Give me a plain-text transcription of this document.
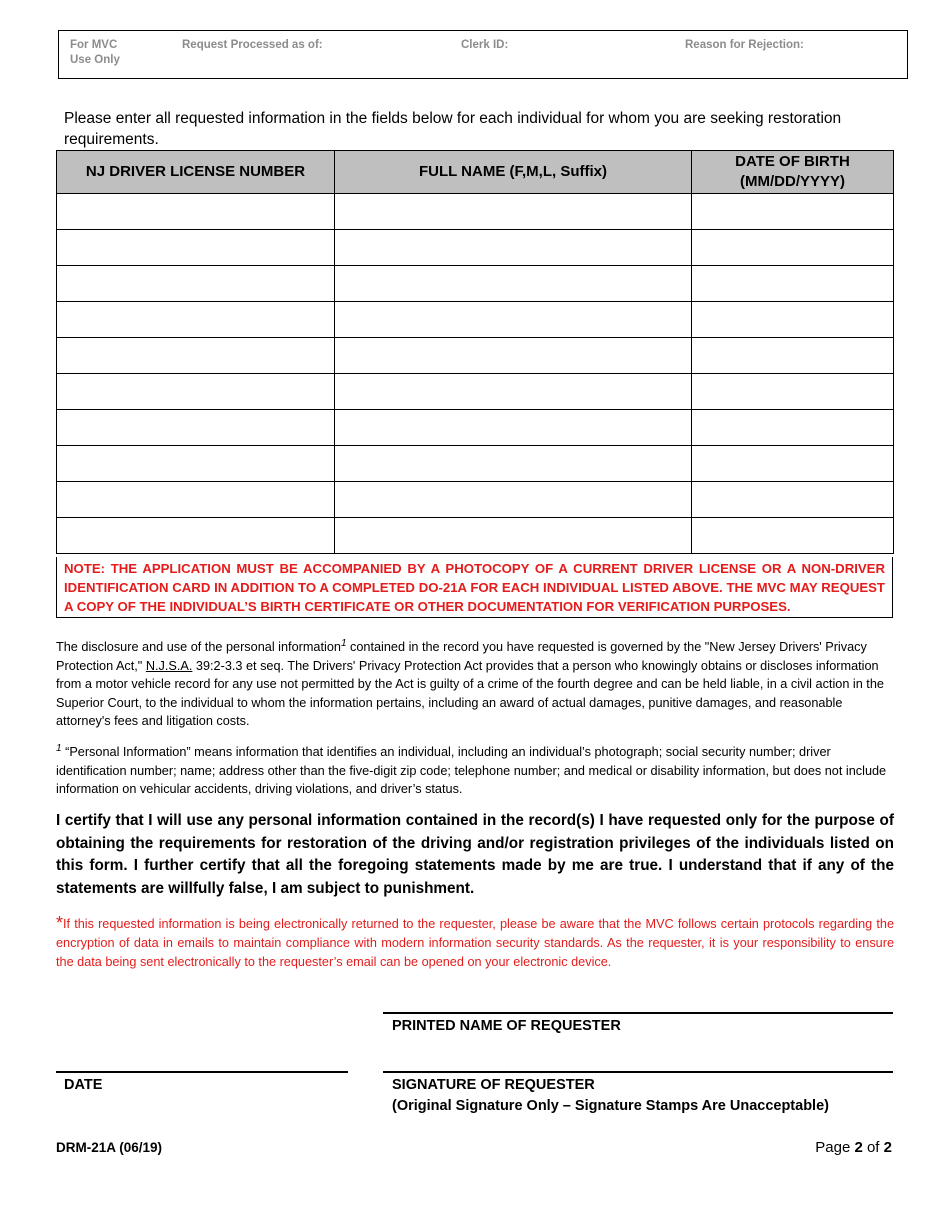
For MVC
Use Only
Request Processed as of:	Clerk ID:	Reason for Rejection:
Please enter all requested information in the fields below for each individual for whom you are seeking restoration requirements.
NJ DRIVER LICENSE NUMBER	FULL NAME (F,M,L, Suffix)	DATE OF BIRTH (MM/DD/YYYY)

NOTE: THE APPLICATION MUST BE ACCOMPANIED BY A PHOTOCOPY OF A CURRENT DRIVER LICENSE OR A NON-DRIVER IDENTIFICATION CARD IN ADDITION TO A COMPLETED DO-21A FOR EACH INDIVIDUAL LISTED ABOVE. THE MVC MAY REQUEST A COPY OF THE INDIVIDUAL’S BIRTH CERTIFICATE OR OTHER DOCUMENTATION FOR VERIFICATION PURPOSES.
The disclosure and use of the personal information$^1$ contained in the record you have requested is governed by the "New Jersey Drivers' Privacy Protection Act," N.J.S.A. 39:2-3.3 et seq. The Drivers' Privacy Protection Act provides that a person who knowingly obtains or discloses information from a motor vehicle record for any use not permitted by the Act is guilty of a crime of the fourth degree and can be held liable, in a civil action in the Superior Court, to the individual to whom the information pertains, including an award of actual damages, punitive damages, and reasonable attorney's fees and litigation costs.
$^1$ “Personal Information” means information that identifies an individual, including an individual’s photograph; social security number; driver identification number; name; address other than the five-digit zip code; telephone number; and medical or disability information, but does not include information on vehicular accidents, driving violations, and driver’s status.
I certify that I will use any personal information contained in the record(s) I have requested only for the purpose of obtaining the requirements for restoration of the driving and/or registration privileges of the individuals listed on this form. I further certify that all the foregoing statements made by me are true. I understand that if any of the statements are willfully false, I am subject to punishment.
*If this requested information is being electronically returned to the requester, please be aware that the MVC follows certain protocols regarding the encryption of data in emails to maintain compliance with modern information security standards. As the requester, it is your responsibility to ensure the data being sent electronically to the requester’s email can be opened on your electronic device.
PRINTED NAME OF REQUESTER
DATE	SIGNATURE OF REQUESTER
(Original Signature Only – Signature Stamps Are Unacceptable)
DRM-21A (06/19)	Page 2 of 2
